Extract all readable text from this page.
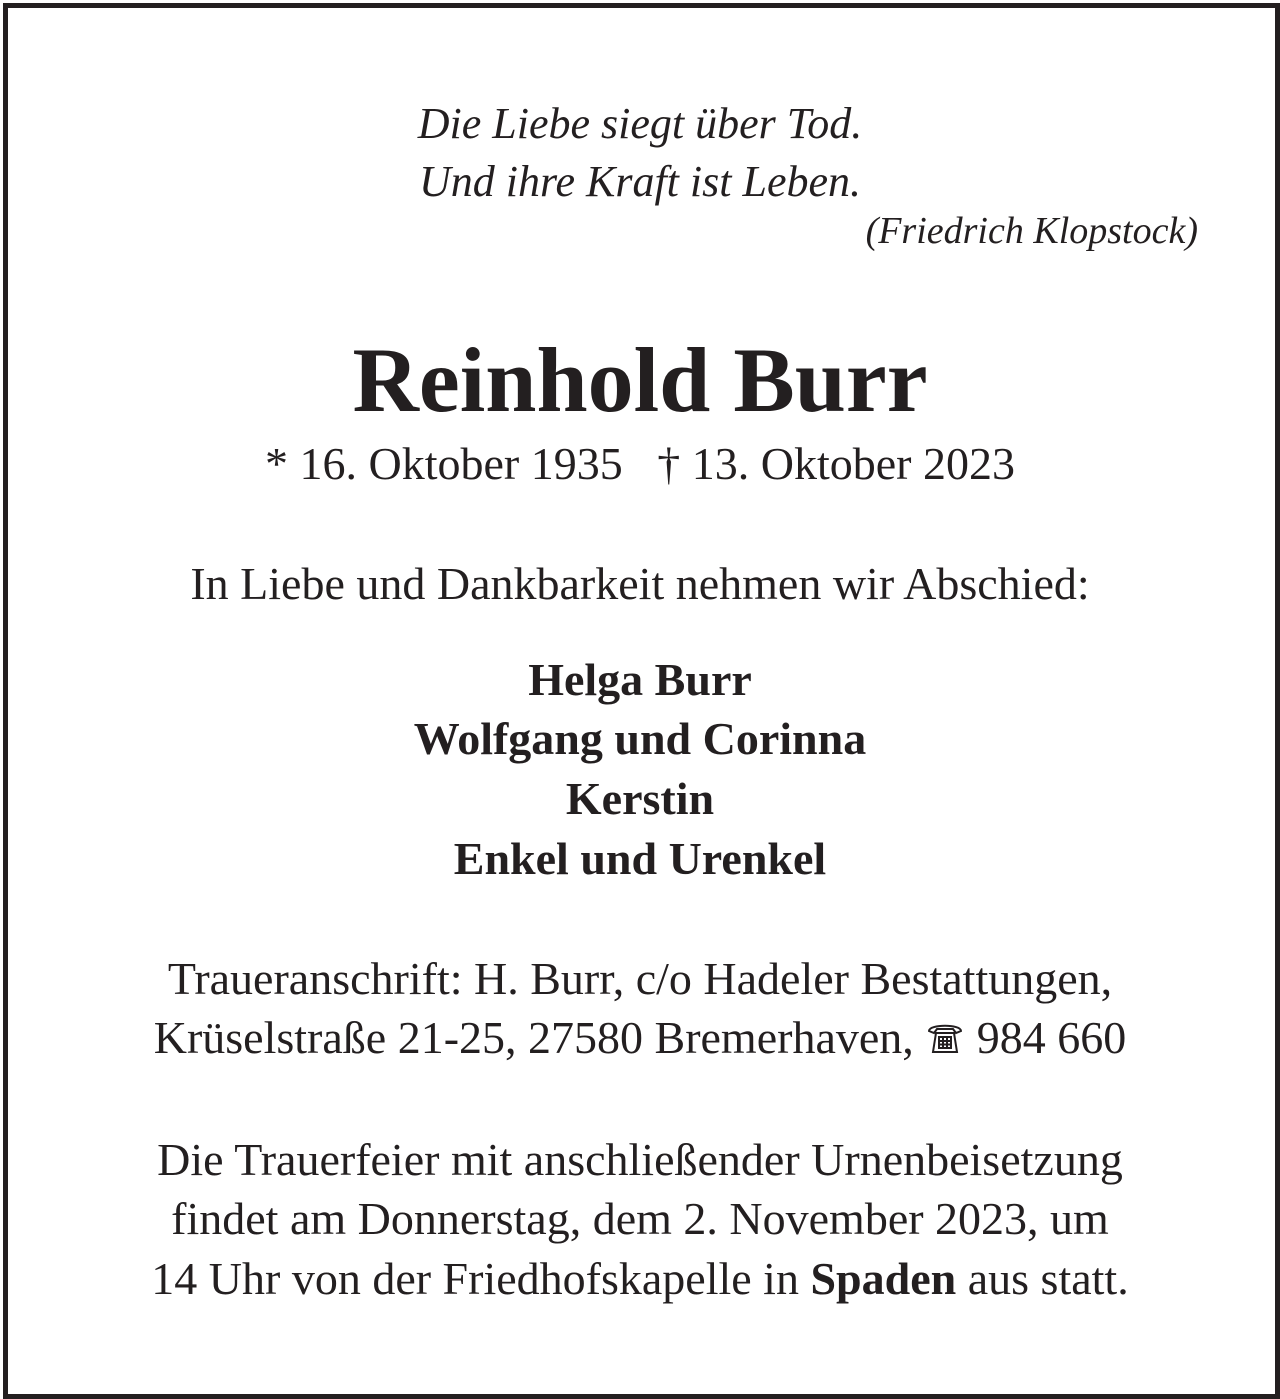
Die Liebe siegt über Tod.
Und ihre Kraft ist Leben.
(Friedrich Klopstock)
Reinhold Burr
* 16. Oktober 1935   † 13. Oktober 2023
In Liebe und Dankbarkeit nehmen wir Abschied:
Helga Burr
Wolfgang und Corinna
Kerstin
Enkel und Urenkel
Traueranschrift: H. Burr, c/o Hadeler Bestattungen,
Krüselstraße 21-25, 27580 Bremerhaven, 984 660
Die Trauerfeier mit anschließender Urnenbeisetzung
findet am Donnerstag, dem 2. November 2023, um
14 Uhr von der Friedhofskapelle in Spaden aus statt.
